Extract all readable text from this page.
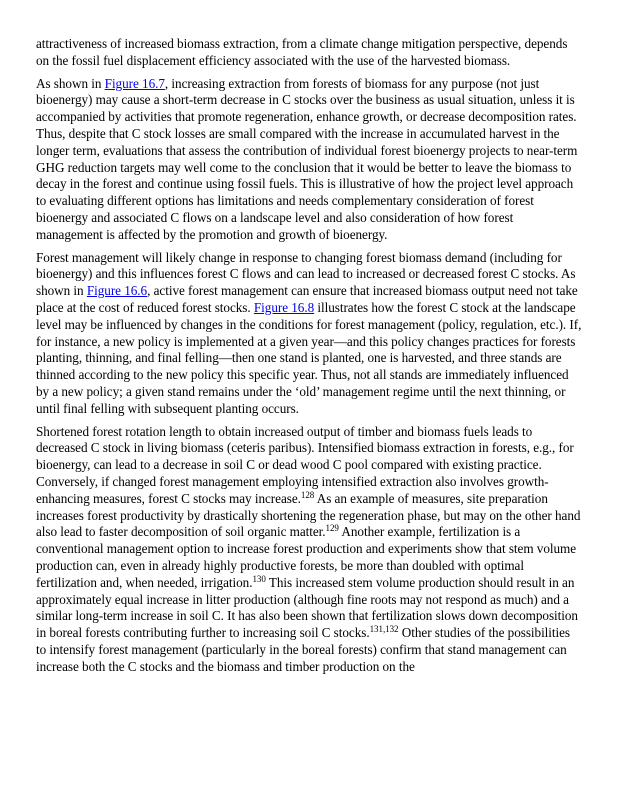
attractiveness of increased biomass extraction, from a climate change mitigation perspective, depends on the fossil fuel displacement efficiency associated with the use of the harvested biomass.

As shown in Figure 16.7, increasing extraction from forests of biomass for any purpose (not just bioenergy) may cause a short-term decrease in C stocks over the business as usual situation, unless it is accompanied by activities that promote regeneration, enhance growth, or decrease decomposition rates. Thus, despite that C stock losses are small compared with the increase in accumulated harvest in the longer term, evaluations that assess the contribution of individual forest bioenergy projects to near-term GHG reduction targets may well come to the conclusion that it would be better to leave the biomass to decay in the forest and continue using fossil fuels. This is illustrative of how the project level approach to evaluating different options has limitations and needs complementary consideration of forest bioenergy and associated C flows on a landscape level and also consideration of how forest management is affected by the promotion and growth of bioenergy.

Forest management will likely change in response to changing forest biomass demand (including for bioenergy) and this influences forest C flows and can lead to increased or decreased forest C stocks. As shown in Figure 16.6, active forest management can ensure that increased biomass output need not take place at the cost of reduced forest stocks. Figure 16.8 illustrates how the forest C stock at the landscape level may be influenced by changes in the conditions for forest management (policy, regulation, etc.). If, for instance, a new policy is implemented at a given year—and this policy changes practices for forests planting, thinning, and final felling—then one stand is planted, one is harvested, and three stands are thinned according to the new policy this specific year. Thus, not all stands are immediately influenced by a new policy; a given stand remains under the ‘old’ management regime until the next thinning, or until final felling with subsequent planting occurs.

Shortened forest rotation length to obtain increased output of timber and biomass fuels leads to decreased C stock in living biomass (ceteris paribus). Intensified biomass extraction in forests, e.g., for bioenergy, can lead to a decrease in soil C or dead wood C pool compared with existing practice. Conversely, if changed forest management employing intensified extraction also involves growth-enhancing measures, forest C stocks may increase.$^{128}$ As an example of measures, site preparation increases forest productivity by drastically shortening the regeneration phase, but may on the other hand also lead to faster decomposition of soil organic matter.$^{129}$ Another example, fertilization is a conventional management option to increase forest production and experiments show that stem volume production can, even in already highly productive forests, be more than doubled with optimal fertilization and, when needed, irrigation.$^{130}$ This increased stem volume production should result in an approximately equal increase in litter production (although fine roots may not respond as much) and a similar long-term increase in soil C. It has also been shown that fertilization slows down decomposition in boreal forests contributing further to increasing soil C stocks.$^{131,132}$ Other studies of the possibilities to intensify forest management (particularly in the boreal forests) confirm that stand management can increase both the C stocks and the biomass and timber production on the
